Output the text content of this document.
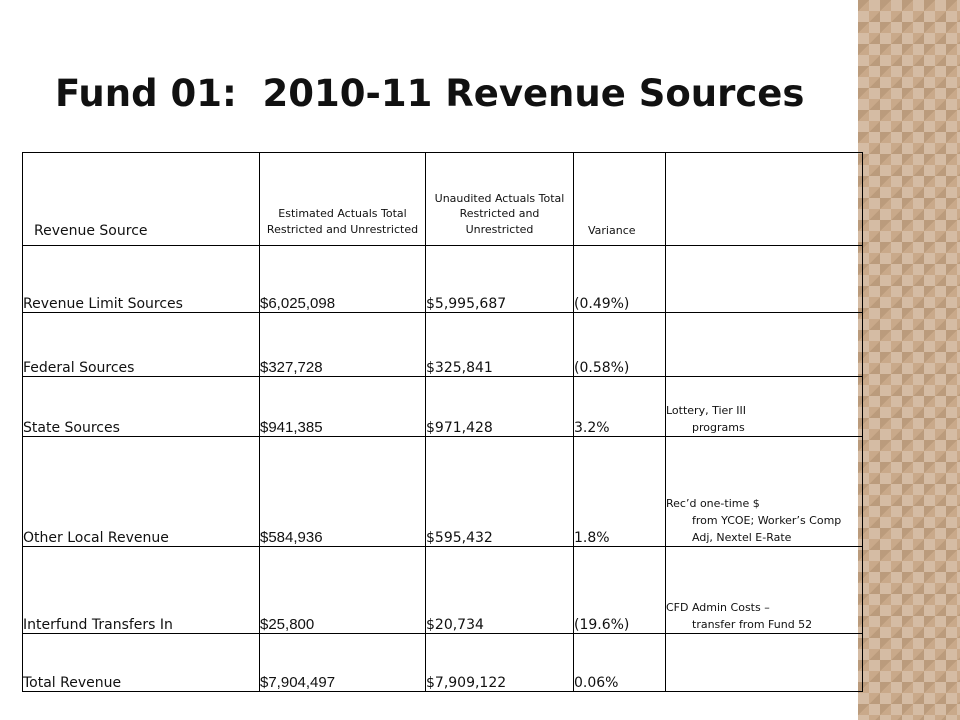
Fund 01:  2010-11 Revenue Sources
Revenue Source	Estimated Actuals Total Restricted and Unrestricted	Unaudited Actuals Total Restricted and Unrestricted	Variance	
Revenue Limit Sources	$6,025,098	$5,995,687	(0.49%)	

Federal Sources	$327,728	$325,841	(0.58%)	

State Sources	$941,385	$971,428	3.2%	Lottery, Tier III
programs

Other Local Revenue	$584,936	$595,432	1.8%	Rec’d one-time $
from YCOE; Worker’s Comp Adj, Nextel E-Rate

Interfund Transfers In	$25,800	$20,734	(19.6%)	CFD Admin Costs –
transfer from Fund 52

Total Revenue	$7,904,497	$7,909,122	0.06%	
